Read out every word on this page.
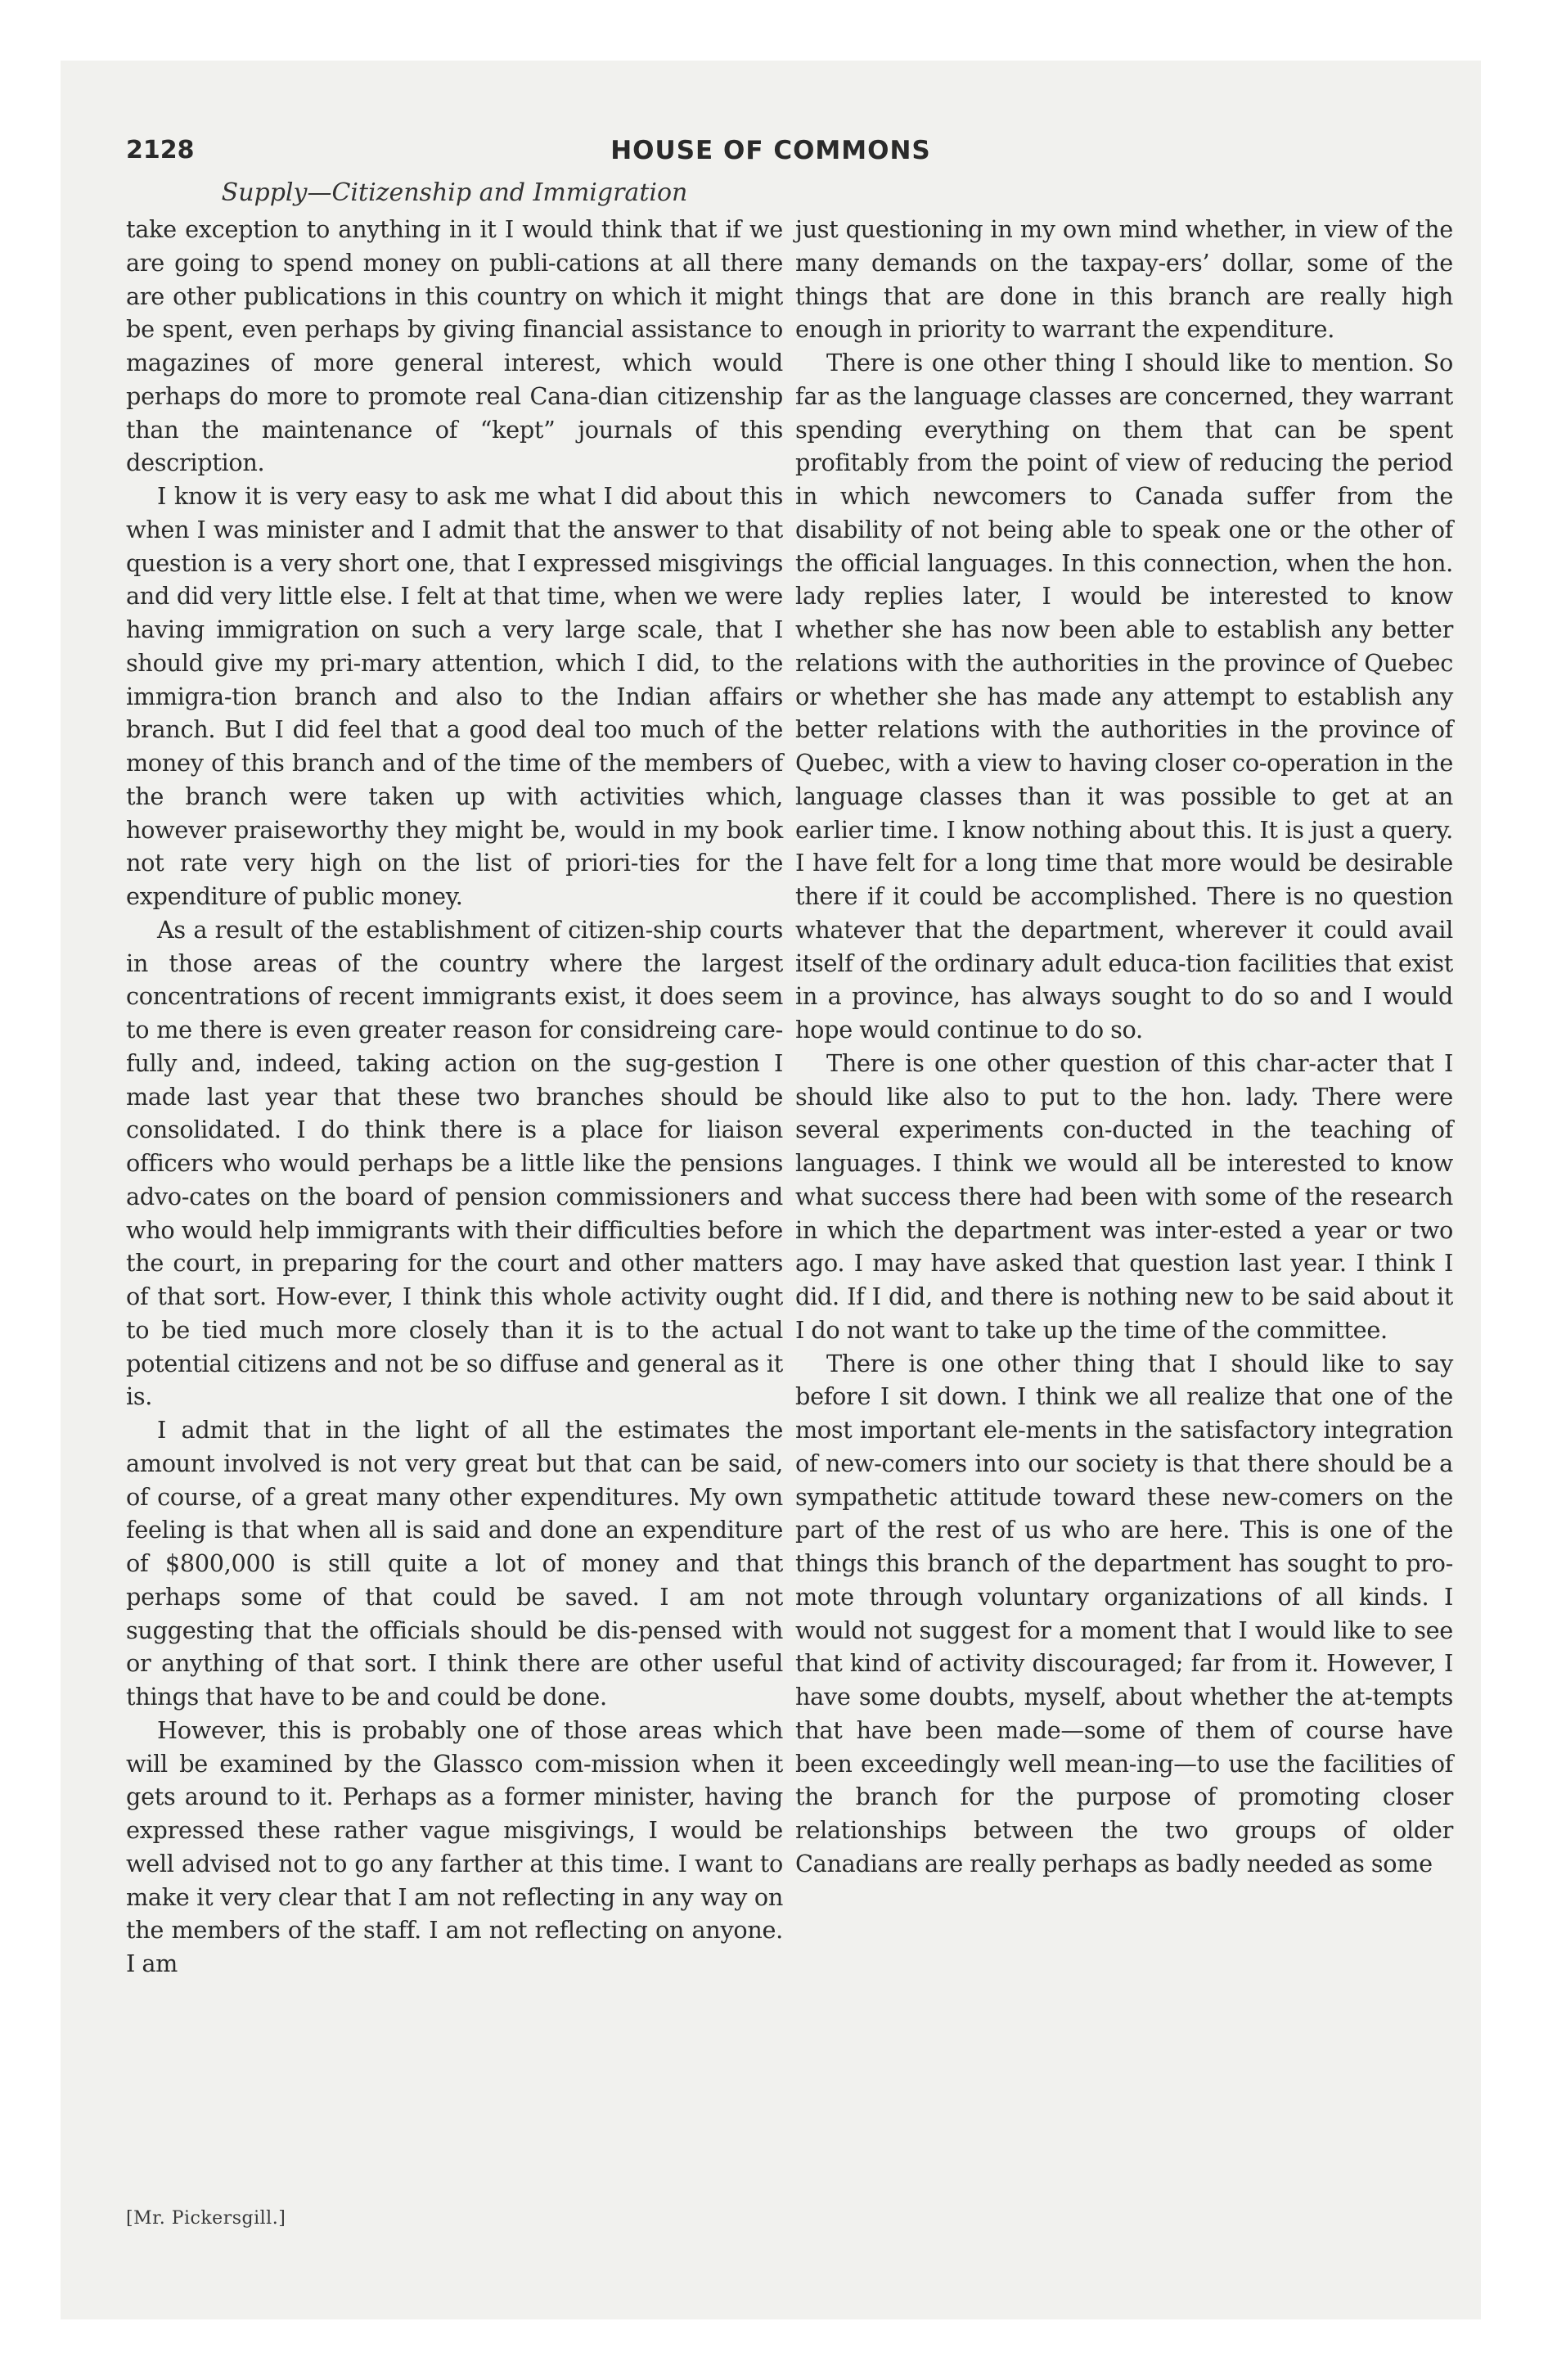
2128	HOUSE OF COMMONS
Supply—Citizenship and Immigration

take exception to anything in it I would think that if we are going to spend money on publi-cations at all there are other publications in this country on which it might be spent, even perhaps by giving financial assistance to magazines of more general interest, which would perhaps do more to promote real Cana-dian citizenship than the maintenance of “kept” journals of this description.

I know it is very easy to ask me what I did about this when I was minister and I admit that the answer to that question is a very short one, that I expressed misgivings and did very little else. I felt at that time, when we were having immigration on such a very large scale, that I should give my pri-mary attention, which I did, to the immigra-tion branch and also to the Indian affairs branch. But I did feel that a good deal too much of the money of this branch and of the time of the members of the branch were taken up with activities which, however praiseworthy they might be, would in my book not rate very high on the list of priori-ties for the expenditure of public money.

As a result of the establishment of citizen-ship courts in those areas of the country where the largest concentrations of recent immigrants exist, it does seem to me there is even greater reason for considreing care-fully and, indeed, taking action on the sug-gestion I made last year that these two branches should be consolidated. I do think there is a place for liaison officers who would perhaps be a little like the pensions advo-cates on the board of pension commissioners and who would help immigrants with their difficulties before the court, in preparing for the court and other matters of that sort. How-ever, I think this whole activity ought to be tied much more closely than it is to the actual potential citizens and not be so diffuse and general as it is.

I admit that in the light of all the estimates the amount involved is not very great but that can be said, of course, of a great many other expenditures. My own feeling is that when all is said and done an expenditure of $800,000 is still quite a lot of money and that perhaps some of that could be saved. I am not suggesting that the officials should be dis-pensed with or anything of that sort. I think there are other useful things that have to be and could be done.

However, this is probably one of those areas which will be examined by the Glassco com-mission when it gets around to it. Perhaps as a former minister, having expressed these rather vague misgivings, I would be well advised not to go any farther at this time. I want to make it very clear that I am not reflecting in any way on the members of the staff. I am not reflecting on anyone. I am

just questioning in my own mind whether, in view of the many demands on the taxpay-ers’ dollar, some of the things that are done in this branch are really high enough in priority to warrant the expenditure.

There is one other thing I should like to mention. So far as the language classes are concerned, they warrant spending everything on them that can be spent profitably from the point of view of reducing the period in which newcomers to Canada suffer from the disability of not being able to speak one or the other of the official languages. In this connection, when the hon. lady replies later, I would be interested to know whether she has now been able to establish any better relations with the authorities in the province of Quebec or whether she has made any attempt to establish any better relations with the authorities in the province of Quebec, with a view to having closer co-operation in the language classes than it was possible to get at an earlier time. I know nothing about this. It is just a query. I have felt for a long time that more would be desirable there if it could be accomplished. There is no question whatever that the department, wherever it could avail itself of the ordinary adult educa-tion facilities that exist in a province, has always sought to do so and I would hope would continue to do so.

There is one other question of this char-acter that I should like also to put to the hon. lady. There were several experiments con-ducted in the teaching of languages. I think we would all be interested to know what success there had been with some of the research in which the department was inter-ested a year or two ago. I may have asked that question last year. I think I did. If I did, and there is nothing new to be said about it I do not want to take up the time of the committee.

There is one other thing that I should like to say before I sit down. I think we all realize that one of the most important ele-ments in the satisfactory integration of new-comers into our society is that there should be a sympathetic attitude toward these new-comers on the part of the rest of us who are here. This is one of the things this branch of the department has sought to pro-mote through voluntary organizations of all kinds. I would not suggest for a moment that I would like to see that kind of activity discouraged; far from it. However, I have some doubts, myself, about whether the at-tempts that have been made—some of them of course have been exceedingly well mean-ing—to use the facilities of the branch for the purpose of promoting closer relationships between the two groups of older Canadians are really perhaps as badly needed as some

[Mr. Pickersgill.]
